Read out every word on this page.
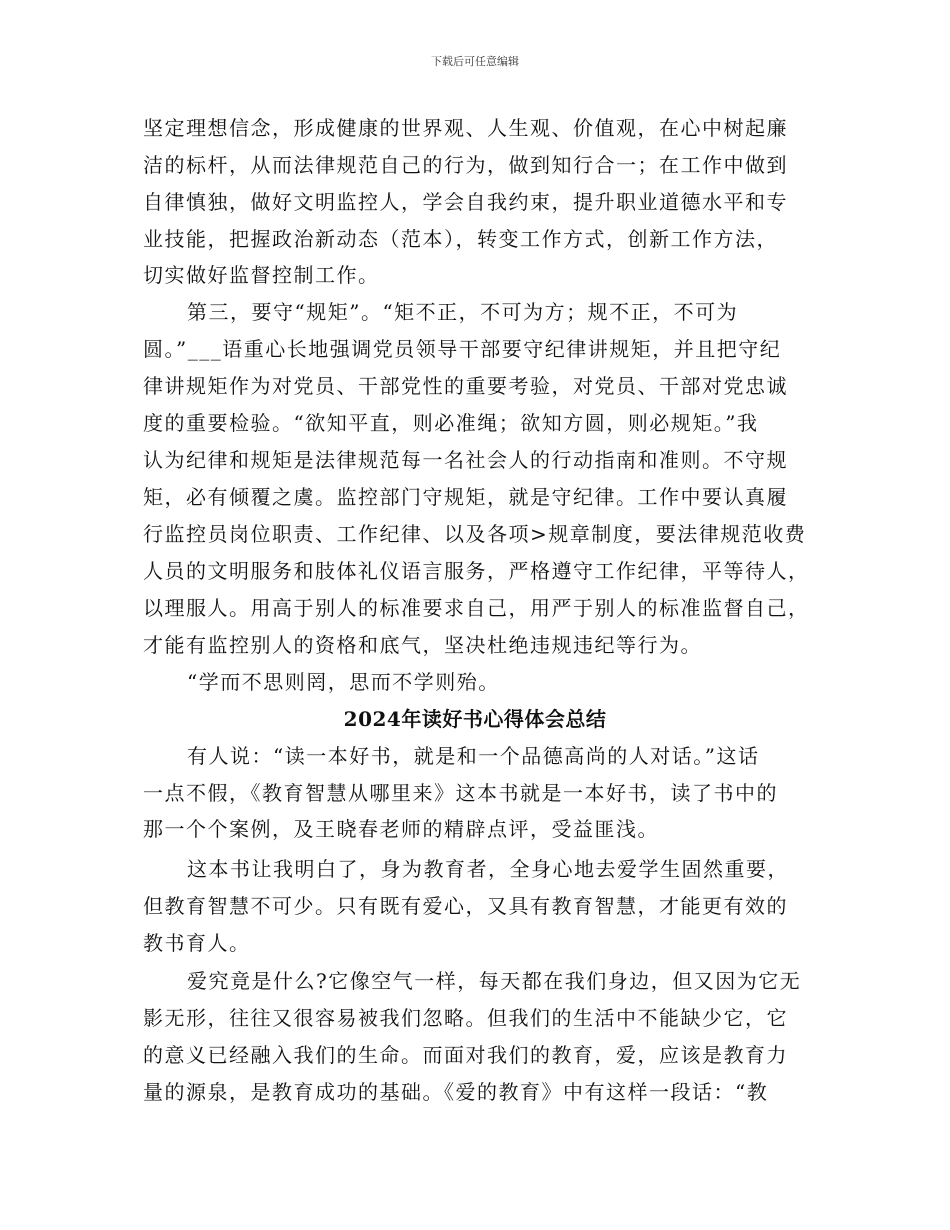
下载后可任意编辑
坚定理想信念，形成健康的世界观、人生观、价值观，在心中树起廉
洁的标杆，从而法律规范自己的行为，做到知行合一；在工作中做到
自律慎独，做好文明监控人，学会自我约束，提升职业道德水平和专
业技能，把握政治新动态（范本），转变工作方式，创新工作方法，
切实做好监督控制工作。
第三，要守“规矩”。“矩不正，不可为方；规不正，不可为
圆。”___语重心长地强调党员领导干部要守纪律讲规矩，并且把守纪
律讲规矩作为对党员、干部党性的重要考验，对党员、干部对党忠诚
度的重要检验。“欲知平直，则必准绳；欲知方圆，则必规矩。”我
认为纪律和规矩是法律规范每一名社会人的行动指南和准则。不守规
矩，必有倾覆之虞。监控部门守规矩，就是守纪律。工作中要认真履
行监控员岗位职责、工作纪律、以及各项>规章制度，要法律规范收费
人员的文明服务和肢体礼仪语言服务，严格遵守工作纪律，平等待人，
以理服人。用高于别人的标准要求自己，用严于别人的标准监督自己，
才能有监控别人的资格和底气，坚决杜绝违规违纪等行为。
“学而不思则罔，思而不学则殆。
2024年读好书心得体会总结
有人说：“读一本好书，就是和一个品德高尚的人对话。”这话
一点不假，《教育智慧从哪里来》这本书就是一本好书，读了书中的
那一个个案例，及王晓春老师的精辟点评，受益匪浅。
这本书让我明白了，身为教育者，全身心地去爱学生固然重要，
但教育智慧不可少。只有既有爱心，又具有教育智慧，才能更有效的
教书育人。
爱究竟是什么?它像空气一样，每天都在我们身边，但又因为它无
影无形，往往又很容易被我们忽略。但我们的生活中不能缺少它，它
的意义已经融入我们的生命。而面对我们的教育，爱，应该是教育力
量的源泉，是教育成功的基础。《爱的教育》中有这样一段话：“教
